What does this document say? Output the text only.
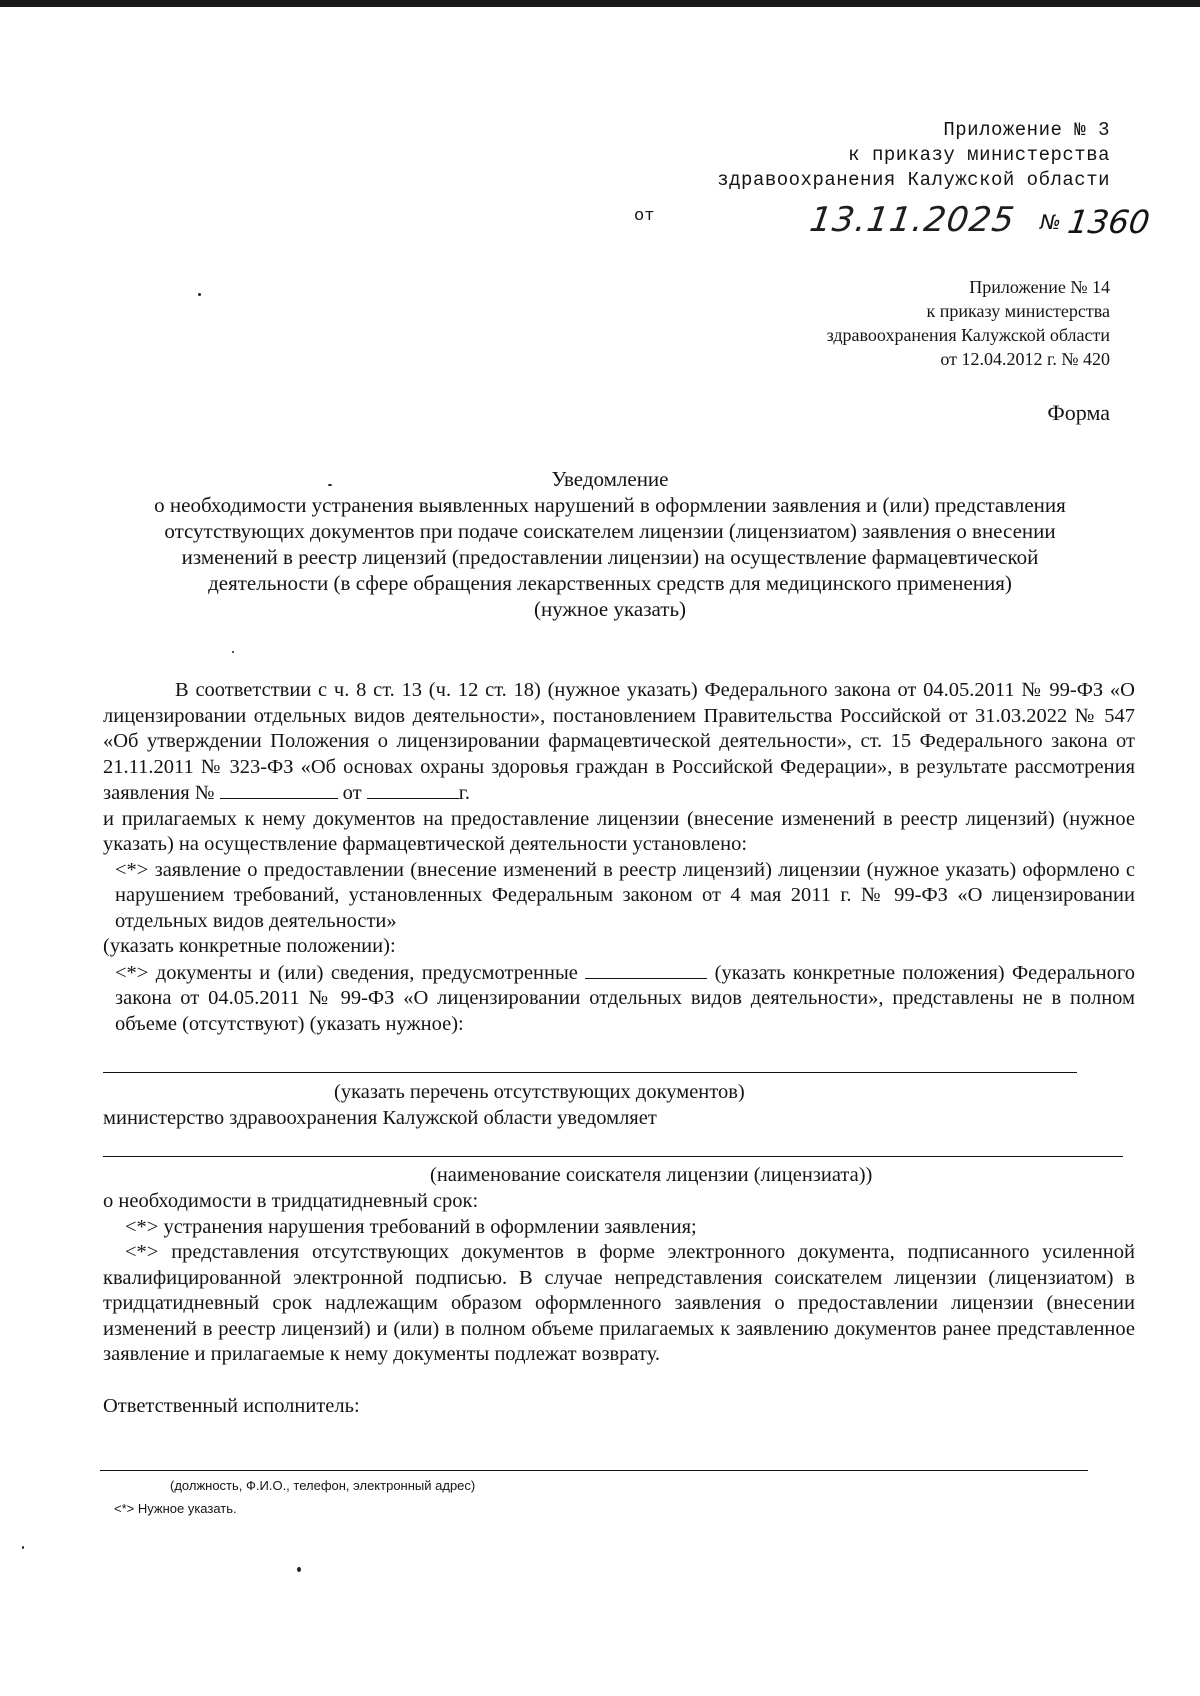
Приложение № 3
к приказу министерства
здравоохранения Калужской области
от	13.11.2025 № 1360
Приложение № 14
к приказу министерства
здравоохранения Калужской области
от 12.04.2012 г. № 420
Форма
Уведомление
о необходимости устранения выявленных нарушений в оформлении заявления и (или) представления
отсутствующих документов при подаче соискателем лицензии (лицензиатом) заявления о внесении
изменений в реестр лицензий (предоставлении лицензии) на осуществление фармацевтической
деятельности (в сфере обращения лекарственных средств для медицинского применения)
(нужное указать)

В соответствии с ч. 8 ст. 13 (ч. 12 ст. 18) (нужное указать) Федерального закона от 04.05.2011 № 99-ФЗ «О лицензировании отдельных видов деятельности», постановлением Правительства Российской от 31.03.2022 № 547 «Об утверждении Положения о лицензировании фармацевтической деятельности», ст. 15 Федерального закона от 21.11.2011 № 323-ФЗ «Об основах охраны здоровья граждан в Российской Федерации», в результате рассмотрения заявления №	от	г.

и прилагаемых к нему документов на предоставление лицензии (внесение изменений в реестр лицензий) (нужное указать) на осуществление фармацевтической деятельности установлено:

<*> заявление о предоставлении (внесение изменений в реестр лицензий) лицензии (нужное указать) оформлено с нарушением требований, установленных Федеральным законом от 4 мая 2011 г. № 99-ФЗ «О лицензировании отдельных видов деятельности»

(указать конкретные положении):

<*> документы и (или) сведения, предусмотренные	(указать конкретные положения) Федерального закона от 04.05.2011 № 99-ФЗ «О лицензировании отдельных видов деятельности», представлены не в полном объеме (отсутствуют) (указать нужное):

(указать перечень отсутствующих документов)
министерство здравоохранения Калужской области уведомляет
(наименование соискателя лицензии (лицензиата))

о необходимости в тридцатидневный срок:

<*> устранения нарушения требований в оформлении заявления;

<*> представления отсутствующих документов в форме электронного документа, подписанного усиленной квалифицированной электронной подписью. В случае непредставления соискателем лицензии (лицензиатом) в тридцатидневный срок надлежащим образом оформленного заявления о предоставлении лицензии (внесении изменений в реестр лицензий) и (или) в полном объеме прилагаемых к заявлению документов ранее представленное заявление и прилагаемые к нему документы подлежат возврату.

Ответственный исполнитель:

(должность, Ф.И.О., телефон, электронный адрес)
<*> Нужное указать.
